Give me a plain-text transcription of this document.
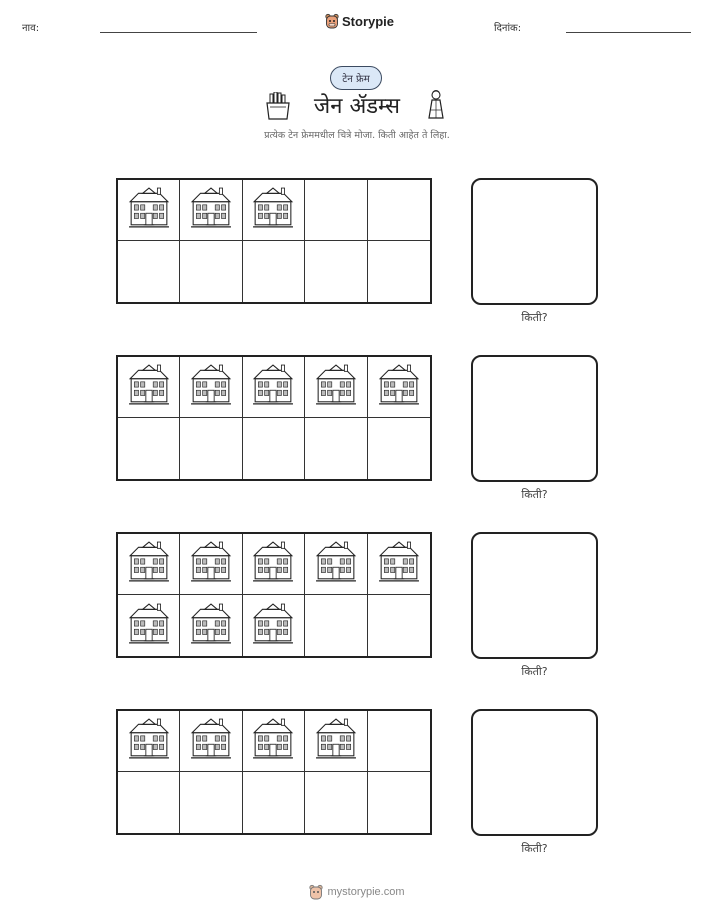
नाव:	Storypie	दिनांक:
टेन फ्रेम
जेन ॲडम्स
प्रत्येक टेन फ्रेममधील चित्रे मोजा. किती आहेत ते लिहा.
किती?
किती?
किती?
किती?
mystorypie.com
